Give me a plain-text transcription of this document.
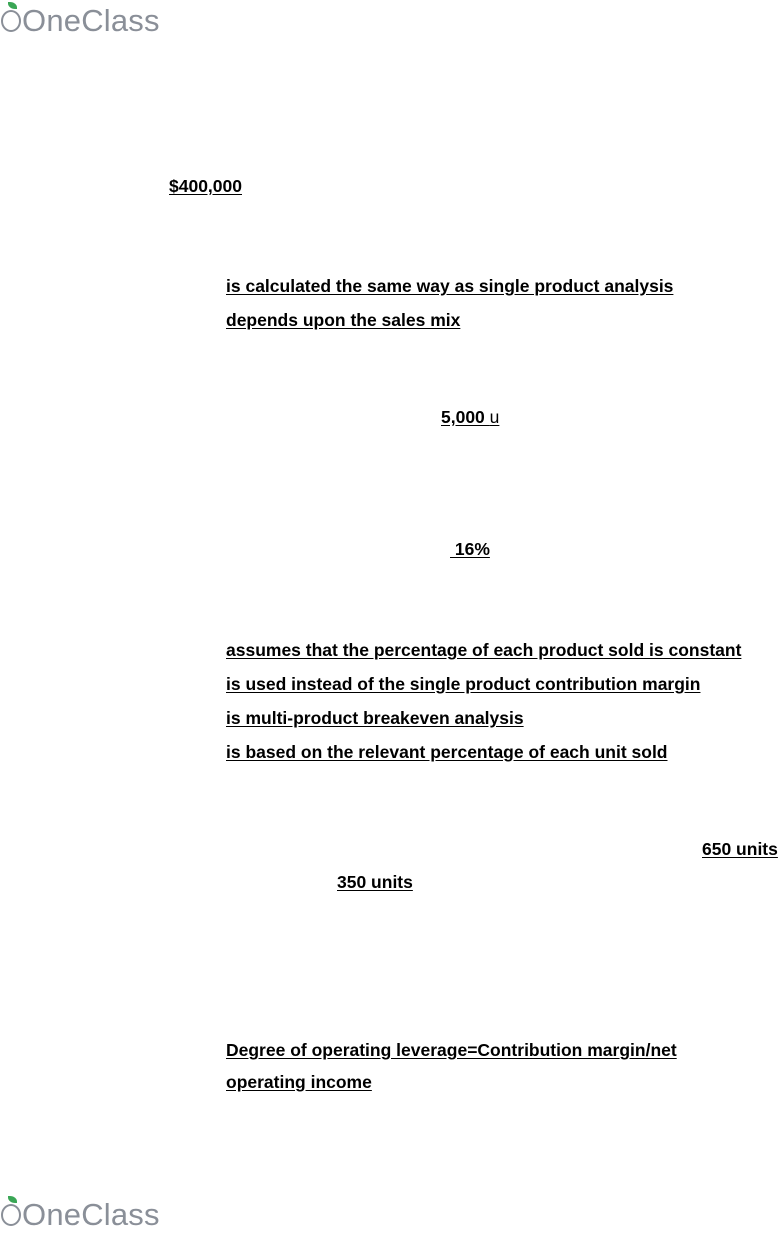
OneClass
$400,000
is calculated the same way as single product analysis
depends upon the sales mix
5,000 u
16%
assumes that the percentage of each product sold is constant
is used instead of the single product contribution margin
is multi-product breakeven analysis
is based on the relevant percentage of each unit sold
650 units
350 units
Degree of operating leverage=Contribution margin/net
operating income
OneClass
